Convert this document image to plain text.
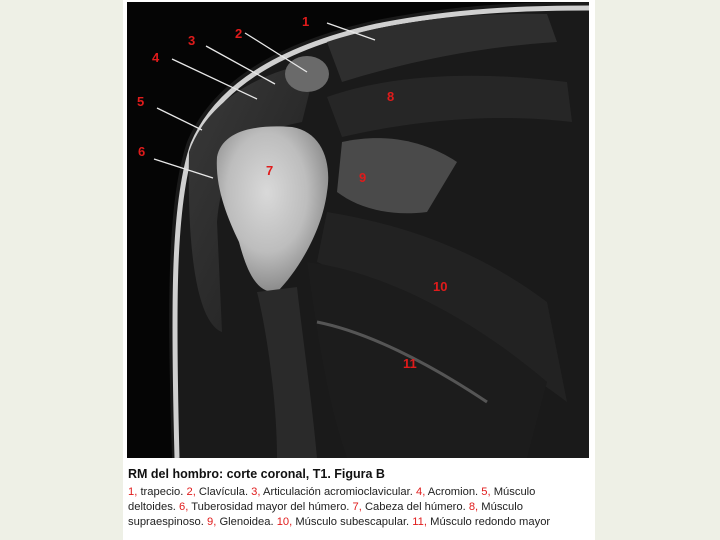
1
2
3
4
5
6
7
8
9
10
11
RM del hombro: corte coronal, T1. Figura B
1, trapecio. 2, Clavícula. 3, Articulación acromioclavicular. 4, Acromion. 5, Músculo deltoides. 6, Tuberosidad mayor del húmero. 7, Cabeza del húmero. 8, Músculo supraespinoso. 9, Glenoidea. 10, Músculo subescapular. 11, Músculo redondo mayor
